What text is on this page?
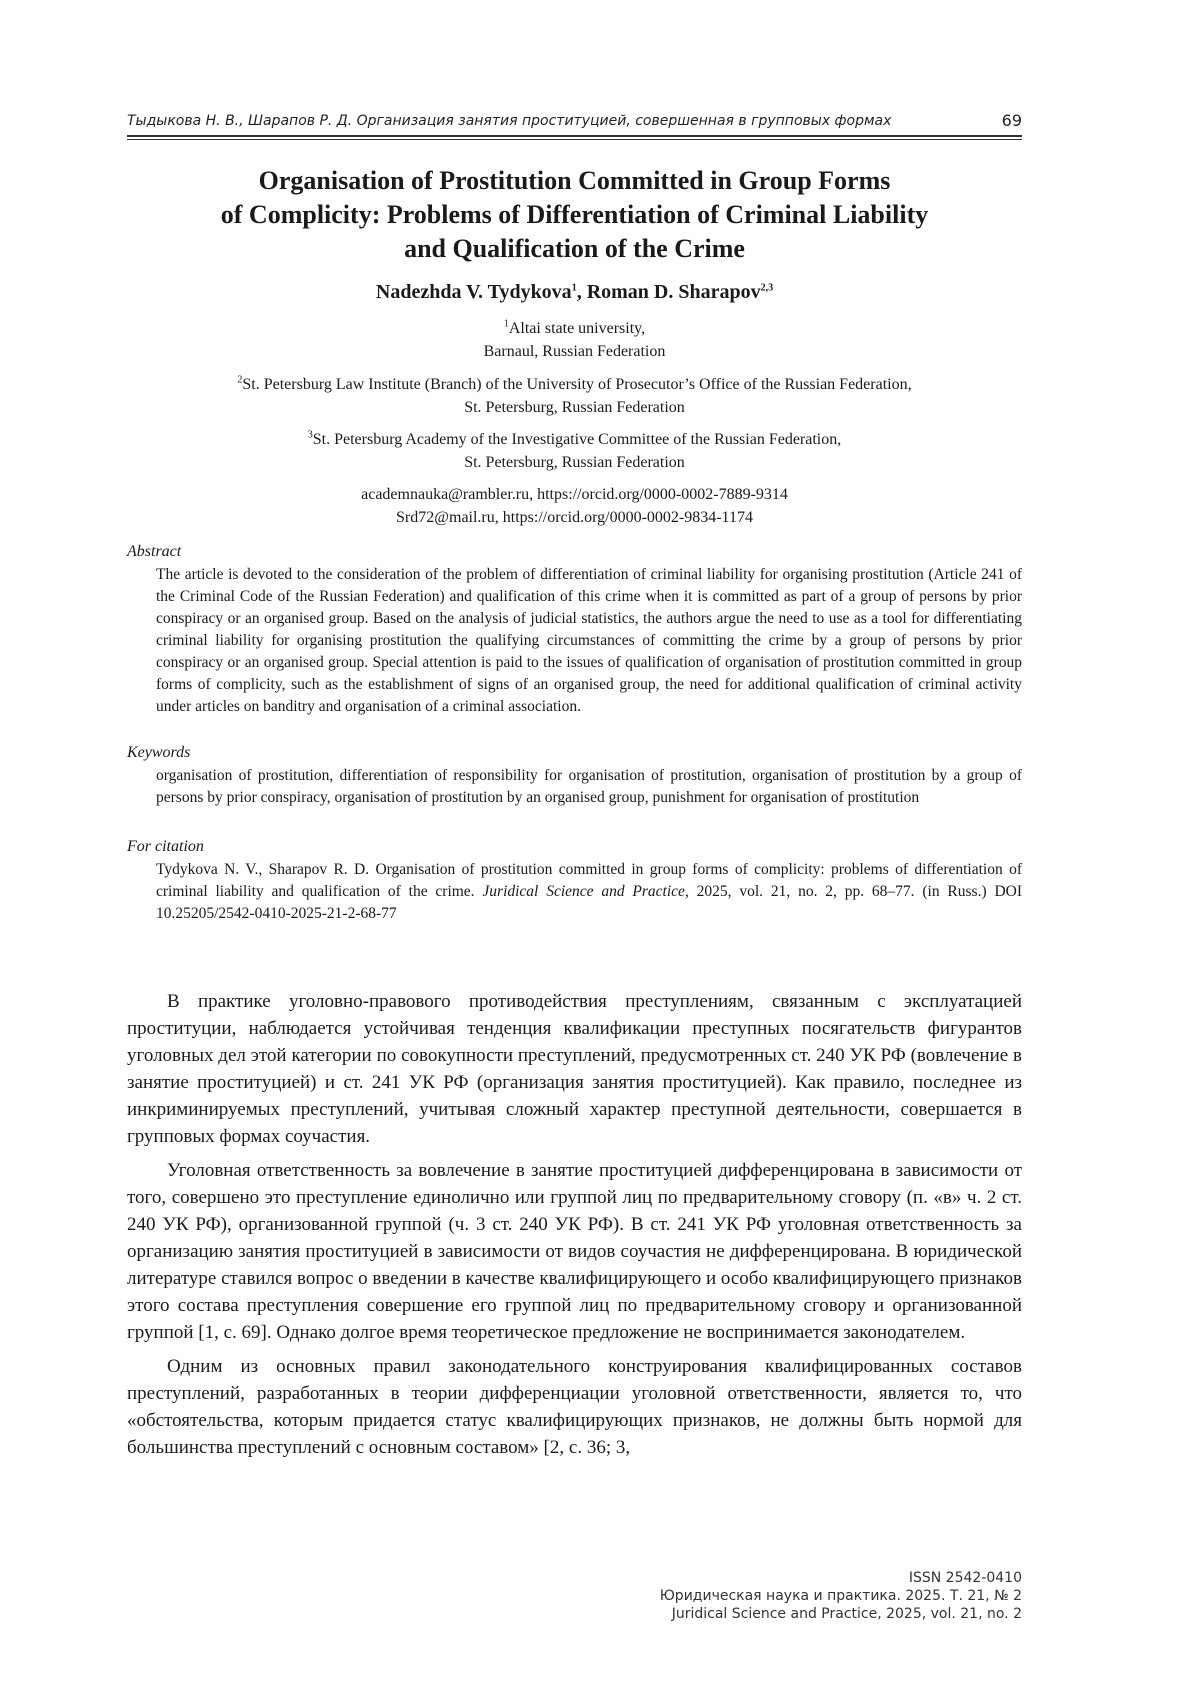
Тыдыкова Н. В., Шарапов Р. Д. Организация занятия проституцией, совершенная в групповых формах	69
Organisation of Prostitution Committed in Group Forms
of Complicity: Problems of Differentiation of Criminal Liability
and Qualification of the Crime
Nadezhda V. Tydykova$^1$, Roman D. Sharapov$^{2,3}$
$^1$Altai state university,
Barnaul, Russian Federation
$^2$St. Petersburg Law Institute (Branch) of the University of Prosecutor’s Office of the Russian Federation,
St. Petersburg, Russian Federation
$^3$St. Petersburg Academy of the Investigative Committee of the Russian Federation,
St. Petersburg, Russian Federation
academnauka@rambler.ru, https://orcid.org/0000-0002-7889-9314
Srd72@mail.ru, https://orcid.org/0000-0002-9834-1174
Abstract
The article is devoted to the consideration of the problem of differentiation of criminal liability for organising prostitution (Article 241 of the Criminal Code of the Russian Federation) and qualification of this crime when it is committed as part of a group of persons by prior conspiracy or an organised group. Based on the analysis of judicial statistics, the authors argue the need to use as a tool for differentiating criminal liability for organising prostitution the qualifying circumstances of committing the crime by a group of persons by prior conspiracy or an organised group. Special attention is paid to the issues of qualification of organisation of prostitution committed in group forms of complicity, such as the establishment of signs of an organised group, the need for additional qualification of criminal activity under articles on banditry and organisation of a criminal association.
Keywords
organisation of prostitution, differentiation of responsibility for organisation of prostitution, organisation of prostitution by a group of persons by prior conspiracy, organisation of prostitution by an organised group, punishment for organisation of prostitution
For citation
Tydykova N. V., Sharapov R. D. Organisation of prostitution committed in group forms of complicity: problems of differentiation of criminal liability and qualification of the crime. Juridical Science and Practice, 2025, vol. 21, no. 2, pp. 68–77. (in Russ.) DOI 10.25205/2542-0410-2025-21-2-68-77

В практике уголовно-правового противодействия преступлениям, связанным с эксплуатацией проституции, наблюдается устойчивая тенденция квалификации преступных посягательств фигурантов уголовных дел этой категории по совокупности преступлений, предусмотренных ст. 240 УК РФ (вовлечение в занятие проституцией) и ст. 241 УК РФ (организация занятия проституцией). Как правило, последнее из инкриминируемых преступлений, учитывая сложный характер преступной деятельности, совершается в групповых формах соучастия.

Уголовная ответственность за вовлечение в занятие проституцией дифференцирована в зависимости от того, совершено это преступление единолично или группой лиц по предварительному сговору (п. «в» ч. 2 ст. 240 УК РФ), организованной группой (ч. 3 ст. 240 УК РФ). В ст. 241 УК РФ уголовная ответственность за организацию занятия проституцией в зависимости от видов соучастия не дифференцирована. В юридической литературе ставился вопрос о введении в качестве квалифицирующего и особо квалифицирующего признаков этого состава преступления совершение его группой лиц по предварительному сговору и организованной группой [1, с. 69]. Однако долгое время теоретическое предложение не воспринимается законодателем.

Одним из основных правил законодательного конструирования квалифицированных составов преступлений, разработанных в теории дифференциации уголовной ответственности, является то, что «обстоятельства, которым придается статус квалифицирующих признаков, не должны быть нормой для большинства преступлений с основным составом» [2, с. 36; 3,

ISSN 2542-0410
Юридическая наука и практика. 2025. Т. 21, № 2
Juridical Science and Practice, 2025, vol. 21, no. 2
